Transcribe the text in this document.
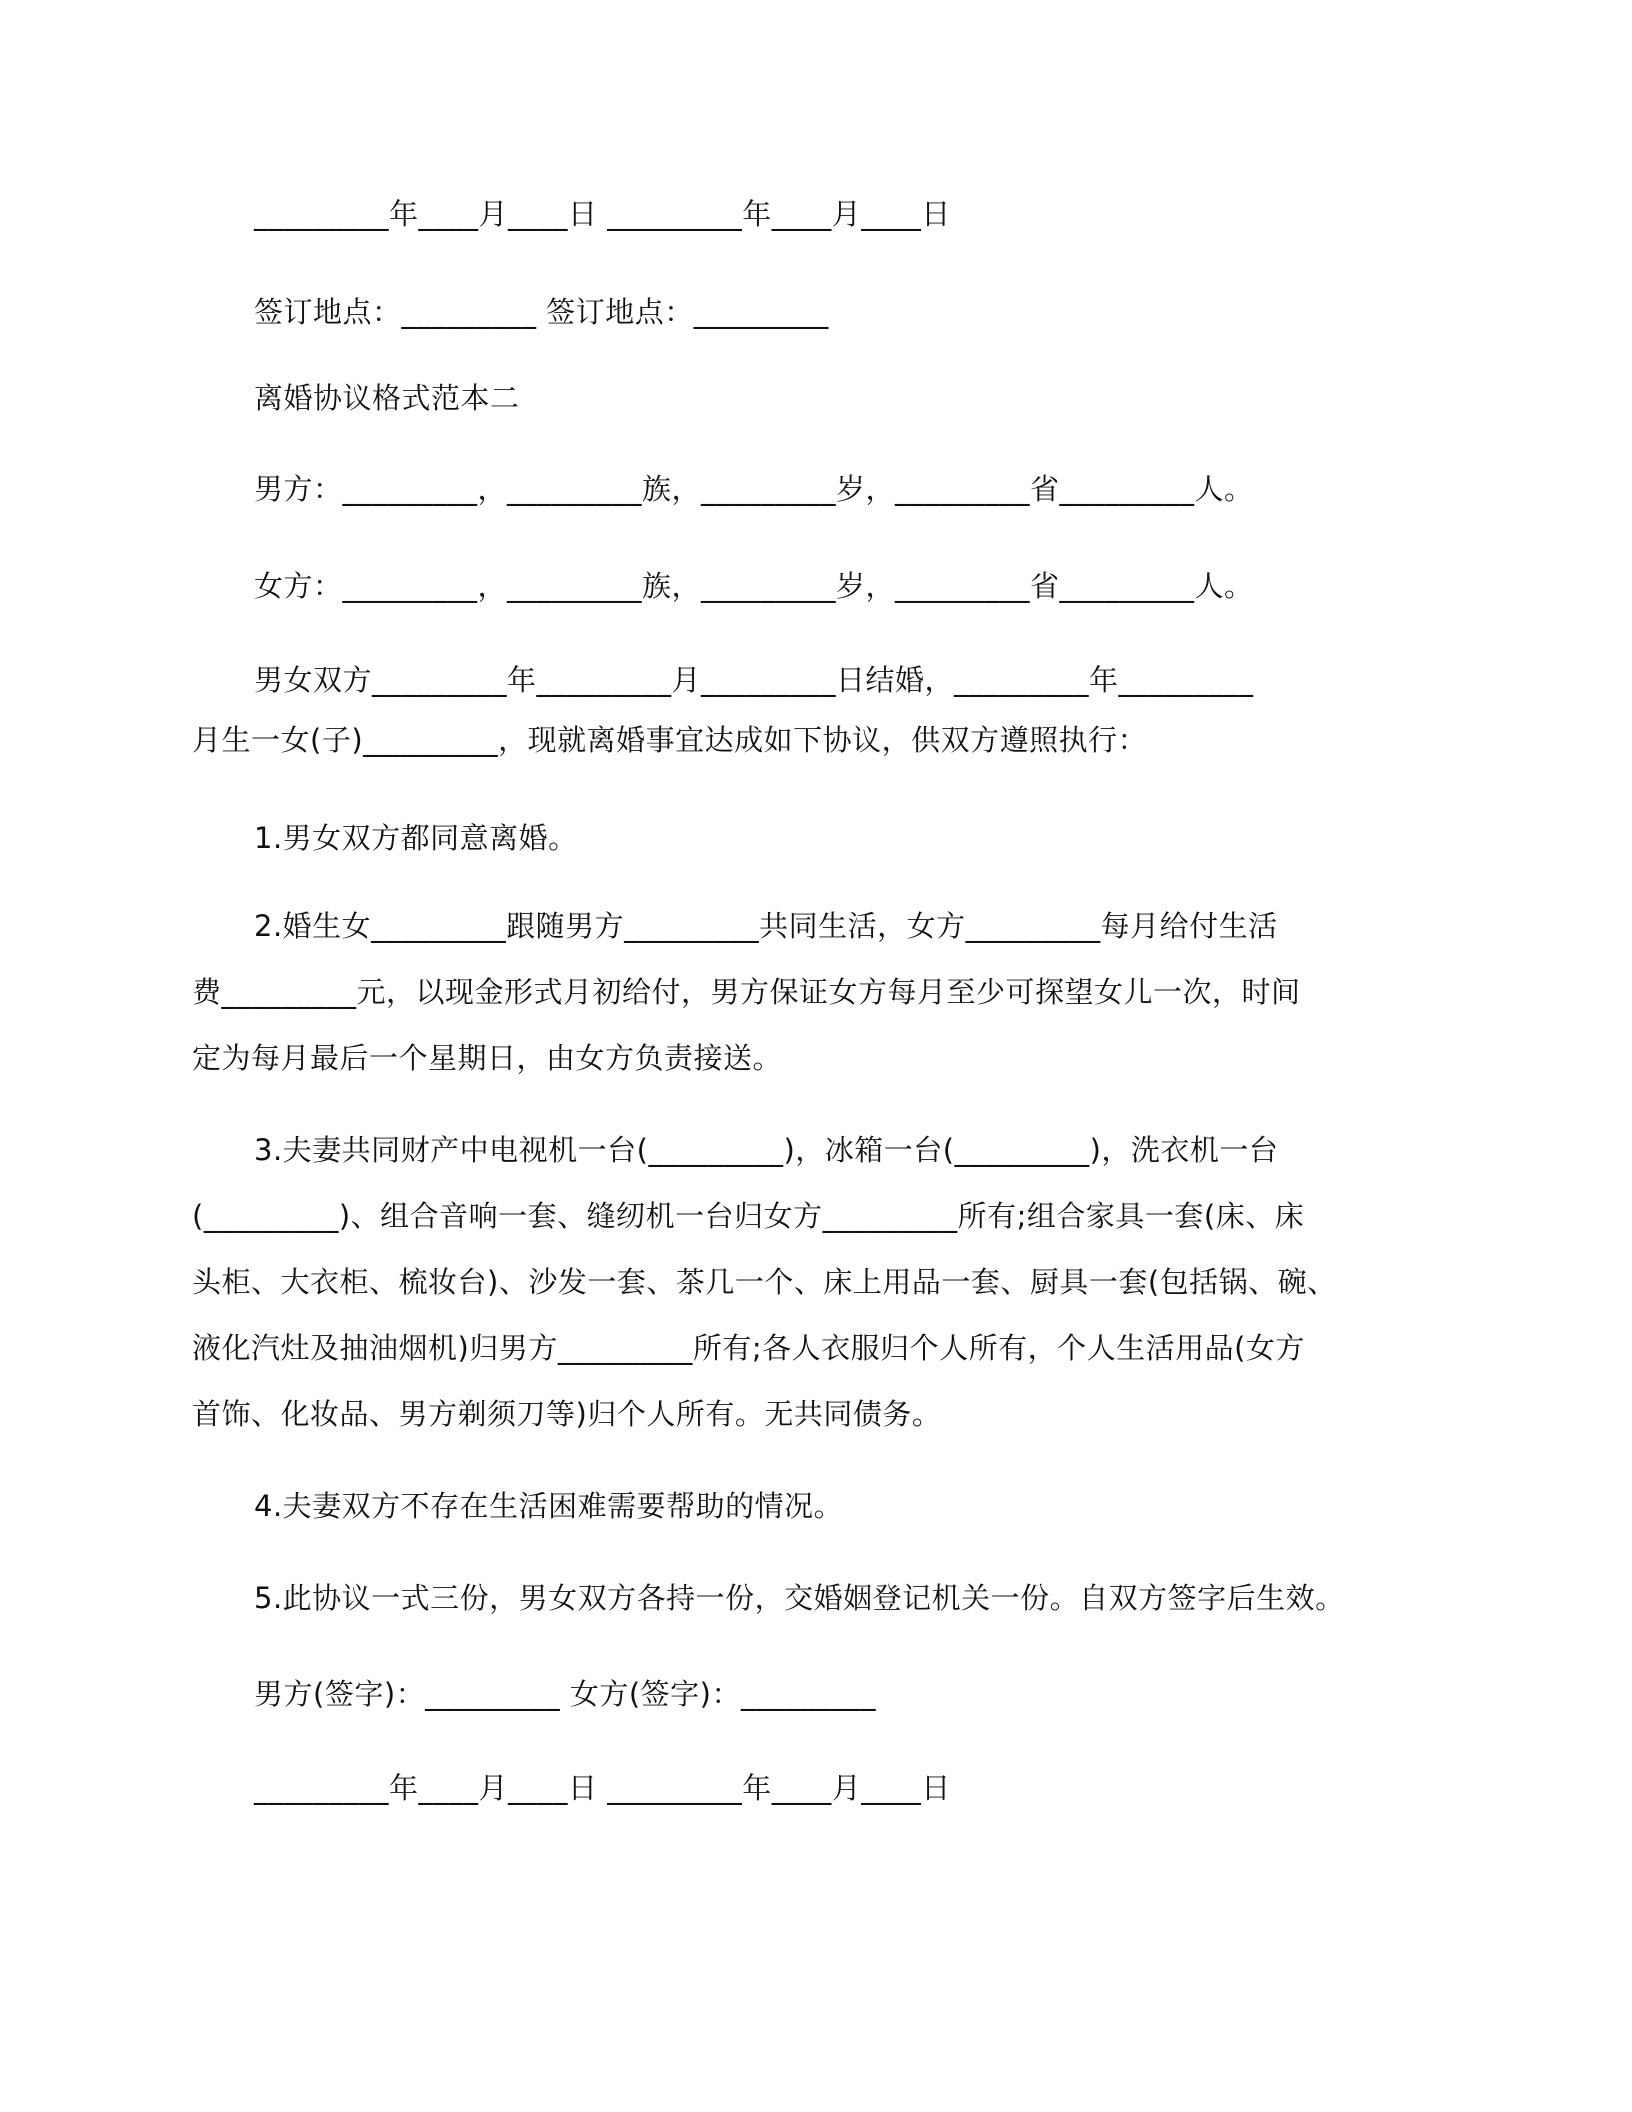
_________年____月____日 _________年____月____日
签订地点：_________ 签订地点：_________
离婚协议格式范本二
男方：_________，_________族，_________岁，_________省_________人。
女方：_________，_________族，_________岁，_________省_________人。
男女双方_________年_________月_________日结婚，_________年_________
月生一女(子)_________，现就离婚事宜达成如下协议，供双方遵照执行：
1.男女双方都同意离婚。
2.婚生女_________跟随男方_________共同生活，女方_________每月给付生活
费_________元，以现金形式月初给付，男方保证女方每月至少可探望女儿一次，时间
定为每月最后一个星期日，由女方负责接送。
3.夫妻共同财产中电视机一台(_________)，冰箱一台(_________)，洗衣机一台
(_________)、组合音响一套、缝纫机一台归女方_________所有;组合家具一套(床、床
头柜、大衣柜、梳妆台)、沙发一套、茶几一个、床上用品一套、厨具一套(包括锅、碗、
液化汽灶及抽油烟机)归男方_________所有;各人衣服归个人所有，个人生活用品(女方
首饰、化妆品、男方剃须刀等)归个人所有。无共同债务。
4.夫妻双方不存在生活困难需要帮助的情况。
5.此协议一式三份，男女双方各持一份，交婚姻登记机关一份。自双方签字后生效。
男方(签字)：_________ 女方(签字)：_________
_________年____月____日 _________年____月____日
